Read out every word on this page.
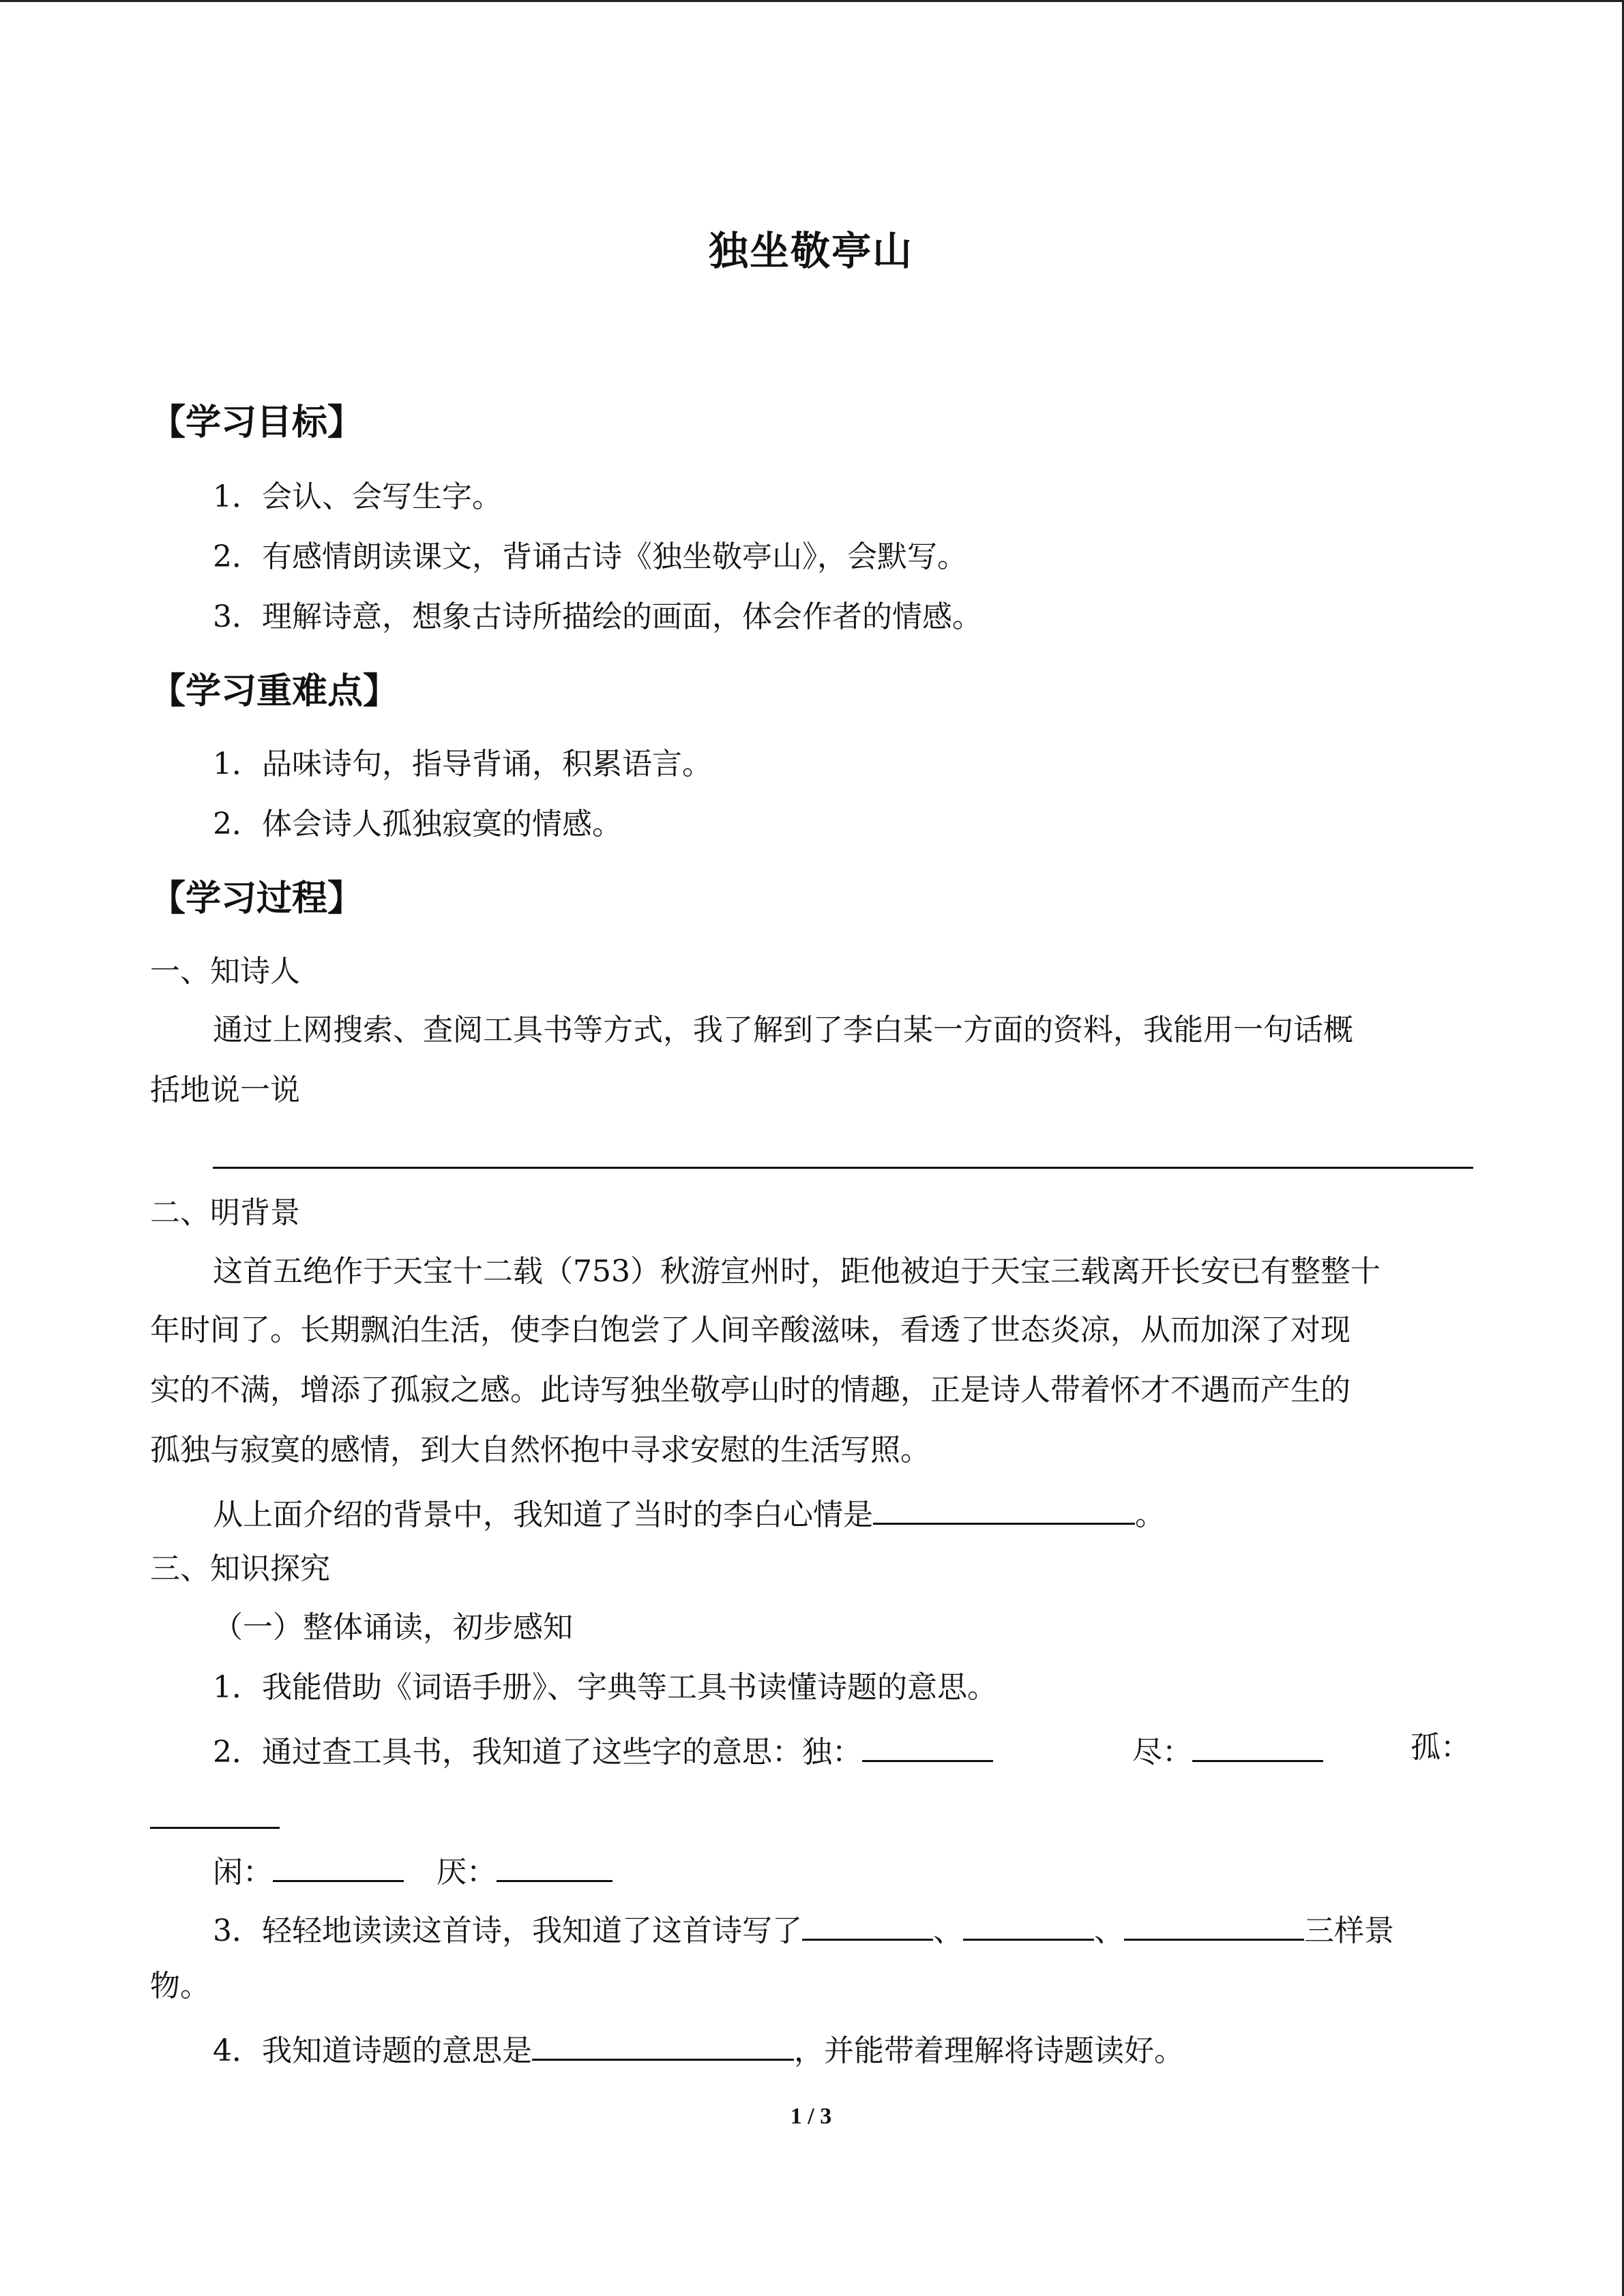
独坐敬亭山
【学习目标】
1．会认、会写生字。
2．有感情朗读课文，背诵古诗《独坐敬亭山》，会默写。
3．理解诗意，想象古诗所描绘的画面，体会作者的情感。
【学习重难点】
1．品味诗句，指导背诵，积累语言。
2．体会诗人孤独寂寞的情感。
【学习过程】
一、知诗人
通过上网搜索、查阅工具书等方式，我了解到了李白某一方面的资料，我能用一句话概
括地说一说
二、明背景
这首五绝作于天宝十二载（753）秋游宣州时，距他被迫于天宝三载离开长安已有整整十
年时间了。长期飘泊生活，使李白饱尝了人间辛酸滋味，看透了世态炎凉，从而加深了对现
实的不满，增添了孤寂之感。此诗写独坐敬亭山时的情趣，正是诗人带着怀才不遇而产生的
孤独与寂寞的感情，到大自然怀抱中寻求安慰的生活写照。
从上面介绍的背景中，我知道了当时的李白心情是	。
三、知识探究
（一）整体诵读，初步感知
1．我能借助《词语手册》、字典等工具书读懂诗题的意思。
2．通过查工具书，我知道了这些字的意思：独：	尽：	孤：
闲：	厌：
3．轻轻地读读这首诗，我知道了这首诗写了	、	、	三样景
物。
4．我知道诗题的意思是	，并能带着理解将诗题读好。
1 / 3
